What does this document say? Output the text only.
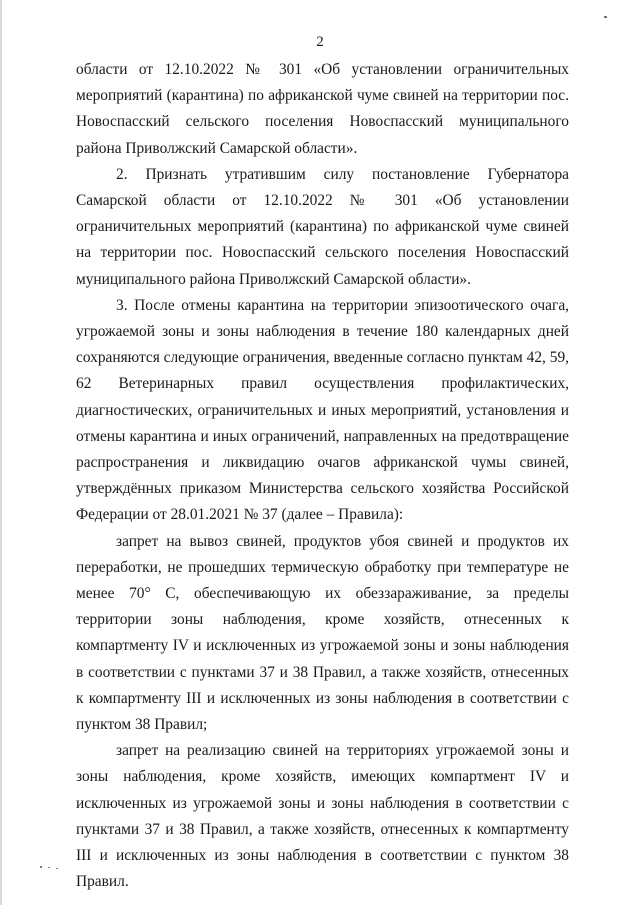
2

области от 12.10.2022 № 301 «Об установлении ограничительных мероприятий (карантина) по африканской чуме свиней на территории пос. Новоспасский сельского поселения Новоспасский муниципального района Приволжский Самарской области».

2. Признать утратившим силу постановление Губернатора Самарской области от 12.10.2022 № 301 «Об установлении ограничительных мероприятий (карантина) по африканской чуме свиней на территории пос. Новоспасский сельского поселения Новоспасский муниципального района Приволжский Самарской области».

3. После отмены карантина на территории эпизоотического очага, угрожаемой зоны и зоны наблюдения в течение 180 календарных дней сохраняются следующие ограничения, введенные согласно пунктам 42, 59, 62 Ветеринарных правил осуществления профилактических, диагностических, ограничительных и иных мероприятий, установления и отмены карантина и иных ограничений, направленных на предотвращение распространения и ликвидацию очагов африканской чумы свиней, утверждённых приказом Министерства сельского хозяйства Российской Федерации от 28.01.2021 № 37 (далее – Правила):

запрет на вывоз свиней, продуктов убоя свиней и продуктов их переработки, не прошедших термическую обработку при температуре не менее 70° С, обеспечивающую их обеззараживание, за пределы территории зоны наблюдения, кроме хозяйств, отнесенных к компартменту IV и исключенных из угрожаемой зоны и зоны наблюдения в соответствии с пунктами 37 и 38 Правил, а также хозяйств, отнесенных к компартменту III и исключенных из зоны наблюдения в соответствии с пунктом 38 Правил;

запрет на реализацию свиней на территориях угрожаемой зоны и зоны наблюдения, кроме хозяйств, имеющих компартмент IV и исключенных из угрожаемой зоны и зоны наблюдения в соответствии с пунктами 37 и 38 Правил, а также хозяйств, отнесенных к компартменту III и исключенных из зоны наблюдения в соответствии с пунктом 38 Правил.
